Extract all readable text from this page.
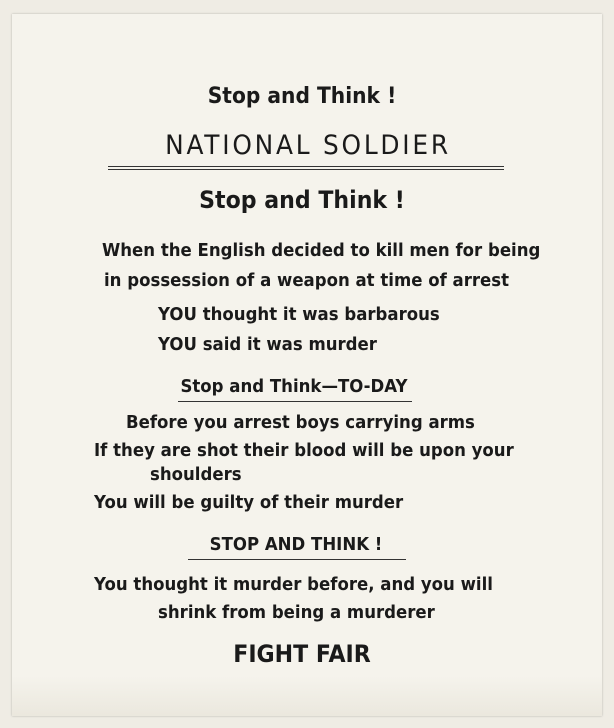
Stop and Think !
NATIONAL SOLDIER
Stop and Think !
When the English decided to kill men for being
in possession of a weapon at time of arrest
YOU thought it was barbarous
YOU said it was murder
Stop and Think—TO-DAY
Before you arrest boys carrying arms
If they are shot their blood will be upon your
shoulders
You will be guilty of their murder
STOP AND THINK !
You thought it murder before, and you will
shrink from being a murderer
FIGHT FAIR
